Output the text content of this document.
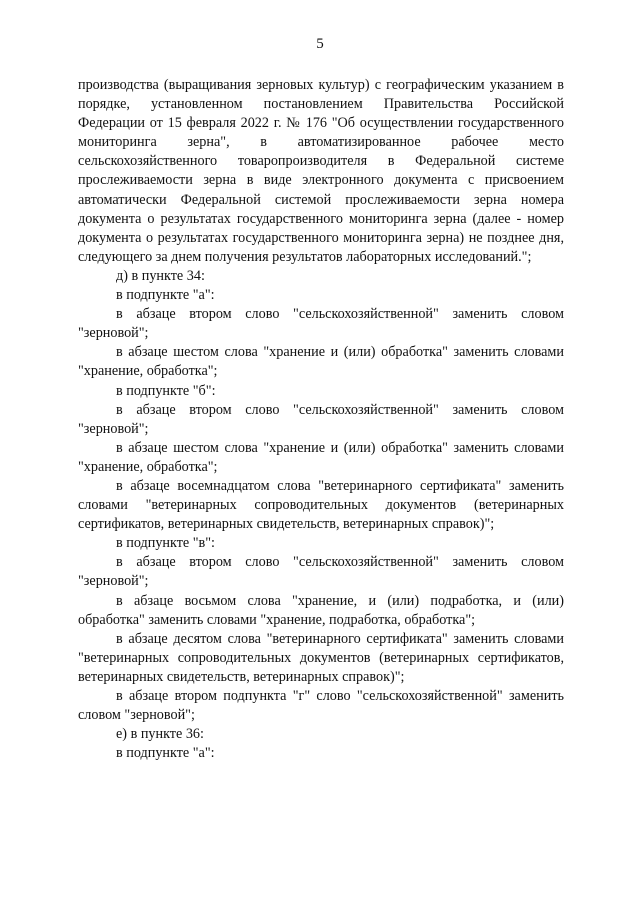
5

производства (выращивания зерновых культур) с географическим указанием в порядке, установленном постановлением Правительства Российской Федерации от 15 февраля 2022 г. № 176 "Об осуществлении государственного мониторинга зерна", в автоматизированное рабочее место сельскохозяйственного товаропроизводителя в Федеральной системе прослеживаемости зерна в виде электронного документа с присвоением автоматически Федеральной системой прослеживаемости зерна номера документа о результатах государственного мониторинга зерна (далее - номер документа о результатах государственного мониторинга зерна) не позднее дня, следующего за днем получения результатов лабораторных исследований.";

д) в пункте 34:

в подпункте "а":

в абзаце втором слово "сельскохозяйственной" заменить словом "зерновой";

в абзаце шестом слова "хранение и (или) обработка" заменить словами "хранение, обработка";

в подпункте "б":

в абзаце втором слово "сельскохозяйственной" заменить словом "зерновой";

в абзаце шестом слова "хранение и (или) обработка" заменить словами "хранение, обработка";

в абзаце восемнадцатом слова "ветеринарного сертификата" заменить словами "ветеринарных сопроводительных документов (ветеринарных сертификатов, ветеринарных свидетельств, ветеринарных справок)";

в подпункте "в":

в абзаце втором слово "сельскохозяйственной" заменить словом "зерновой";

в абзаце восьмом слова "хранение, и (или) подработка, и (или) обработка" заменить словами "хранение, подработка, обработка";

в абзаце десятом слова "ветеринарного сертификата" заменить словами "ветеринарных сопроводительных документов (ветеринарных сертификатов, ветеринарных свидетельств, ветеринарных справок)";

в абзаце втором подпункта "г" слово "сельскохозяйственной" заменить словом "зерновой";

е) в пункте 36:

в подпункте "а":
